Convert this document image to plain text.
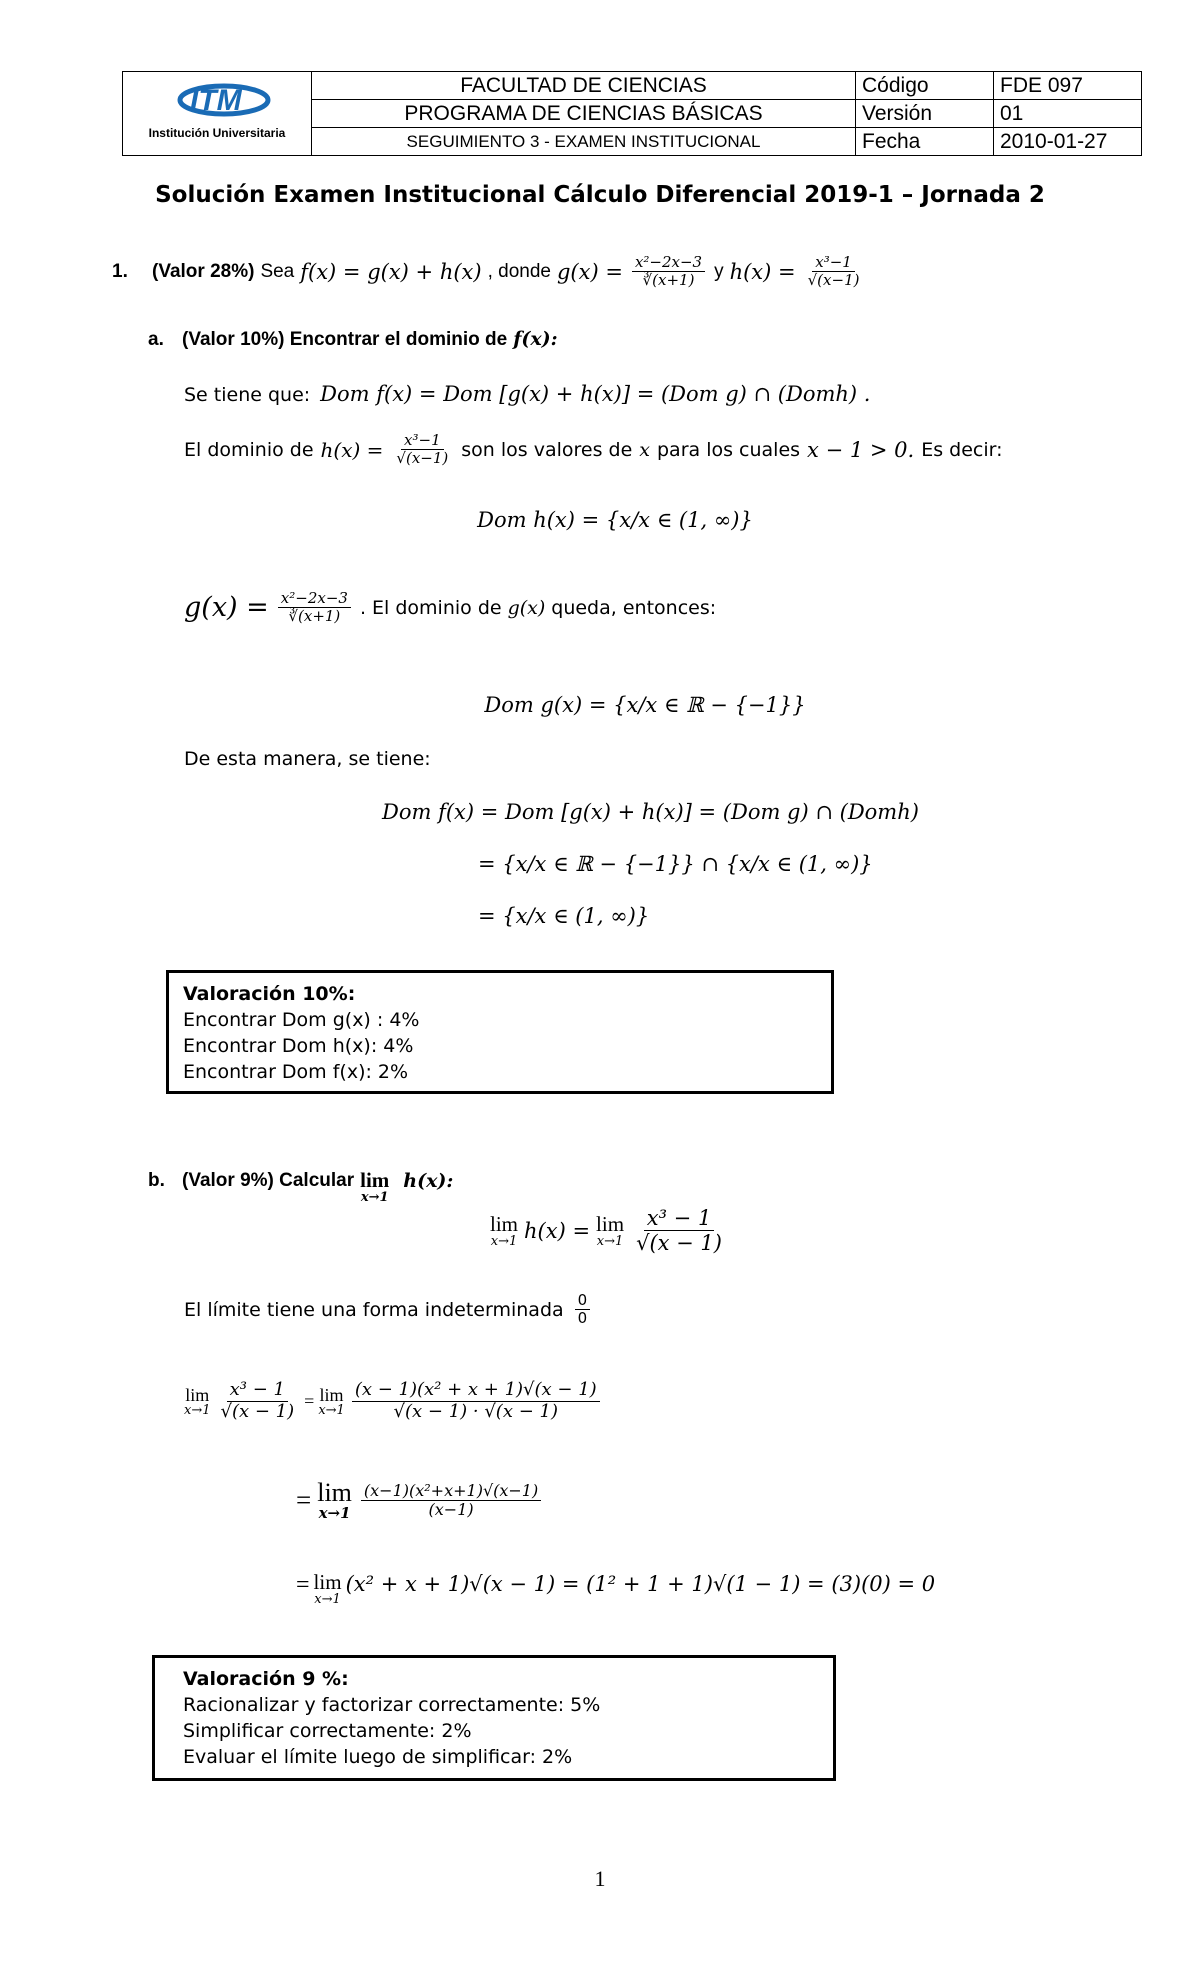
ITM
Institución Universitaria	FACULTAD DE CIENCIAS	Código	FDE 097
	PROGRAMA DE CIENCIAS BÁSICAS	Versión	01
	SEGUIMIENTO 3 - EXAMEN INSTITUCIONAL	Fecha	2010-01-27
Solución Examen Institucional Cálculo Diferencial 2019-1 – Jornada 2
1.	(Valor 28%) Sea f(x) = g(x) + h(x) , donde $g(x) = \frac{\text{x²−2x−3}}{∛(x+1)}$ y $h(x) = \frac{\text{x³−1}}{√(x-1)}$
a. (Valor 10%) Encontrar el dominio de f(x):
Se tiene que: Dom f(x) = Dom [g(x) + h(x)] = (Dom g) ∩ (Domh) .
El dominio de $h(x) = \frac{\text{x³−1}}{√(x-1)}$ son los valores de x para los cuales x − 1 > 0. Es decir:
Dom h(x) = {x/x ∈ (1, ∞)}
$g(x) = \frac{\text{x²−2x−3}}{∛(x+1)}$ . El dominio de g(x) queda, entonces:
Dom g(x) = {x/x ∈ ℝ − {−1}}
De esta manera, se tiene:
Dom f(x) = Dom [g(x) + h(x)] = (Dom g) ∩ (Domh)
= {x/x ∈ ℝ − {−1}} ∩ {x/x ∈ (1, ∞)}
= {x/x ∈ (1, ∞)}
Valoración 10%:
Encontrar Dom g(x) : 4%
Encontrar Dom h(x): 4%
Encontrar Dom f(x): 2%
b. (Valor 9%) Calcular lim
x→1
h(x):
lim
x→1 h(x) = lim
$x\to 1 \frac{\text{x³ − 1}}{√(x - 1)}$
El límite tiene una forma indeterminada $\frac{0}{0}$
lim
$x\to 1 \frac{\text{x³ − 1}}{√(x - 1)} = \lim$
$x\to 1 \frac{\text{(x − 1)(x² + x + 1)√(x − 1)}}{√(x - 1) \cdot √(x - 1)}$
= lim
$x\to 1 \frac{\text{(x−1)(x²+x+1)√(x−1)}}{(x-1)}$
= lim
x→1
(x² + x + 1)√(x − 1) = (1² + 1 + 1)√(1 − 1) = (3)(0) = 0
Valoración 9 %:
Racionalizar y factorizar correctamente: 5%
Simplificar correctamente: 2%
Evaluar el límite luego de simplificar: 2%
1
